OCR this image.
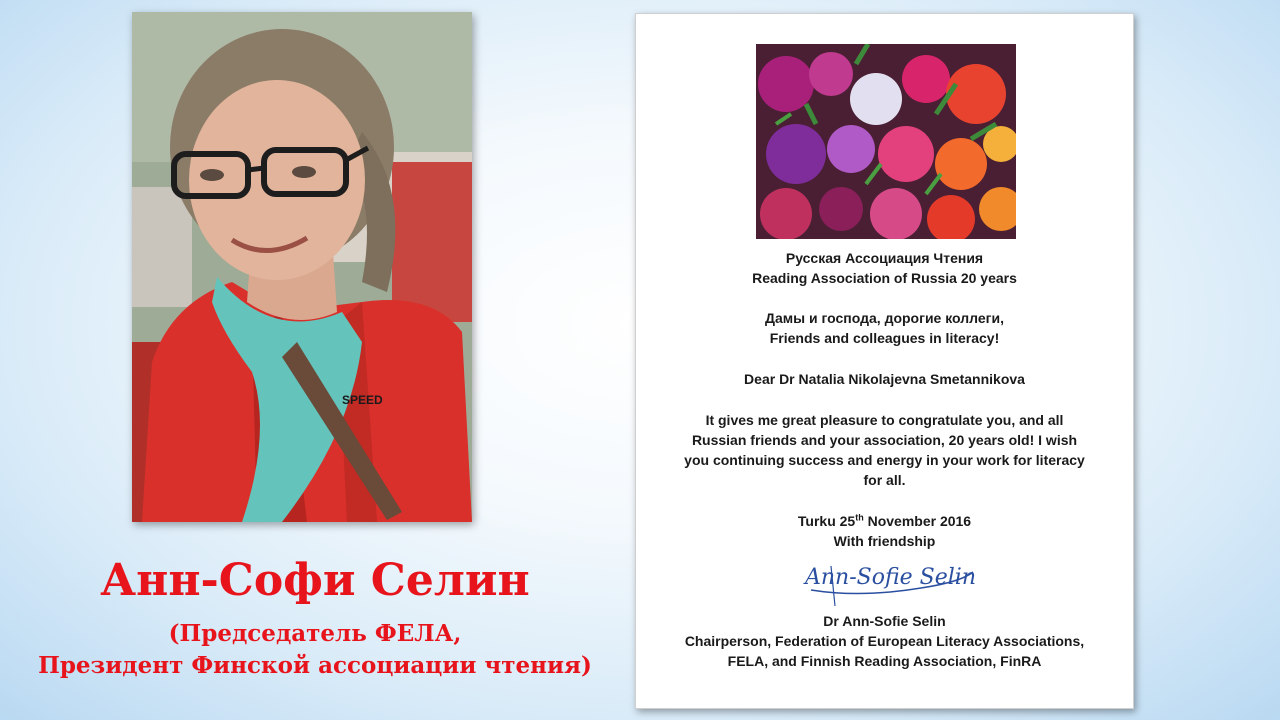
SPEED
Анн-Софи Селин
(Председатель ФЕЛА,
Президент Финской ассоциации чтения)
Русская Ассоциация Чтения
Reading Association of Russia 20 years
Дамы и господа, дорогие коллеги,
Friends and colleagues in literacy!
Dear Dr Natalia Nikolajevna Smetannikova
It gives me great pleasure to congratulate you, and all
Russian friends and your association, 20 years old! I wish
you continuing success and energy in your work for literacy
for all.
Turku 25th November 2016
With friendship
Ann-Sofie Selin
Dr Ann-Sofie Selin
Chairperson, Federation of European Literacy Associations,
FELA, and Finnish Reading Association, FinRA
